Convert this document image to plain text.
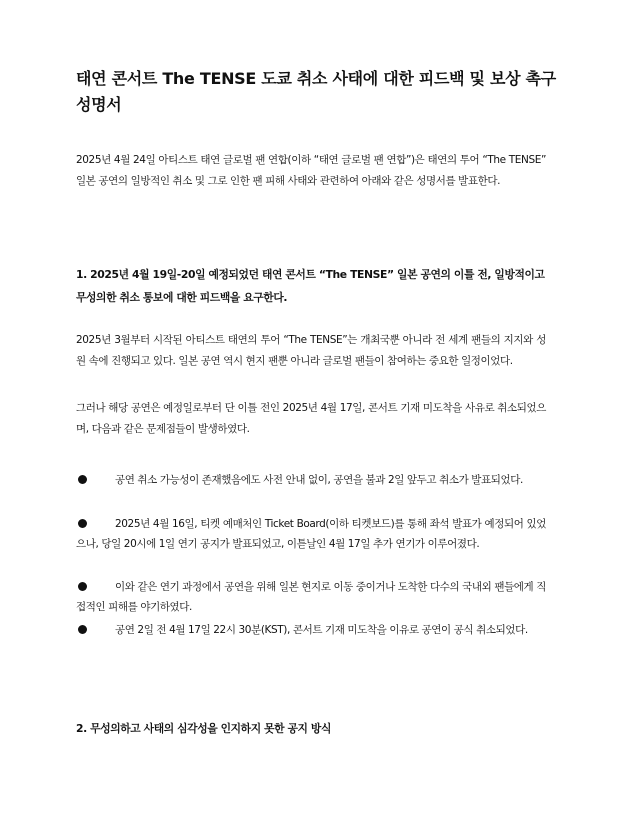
태연 콘서트 The TENSE 도쿄 취소 사태에 대한 피드백 및 보상 촉구 성명서

2025년 4월 24일 아티스트 태연 글로벌 팬 연합(이하 “태연 글로벌 팬 연합”)은 태연의 투어 “The TENSE” 일본 공연의 일방적인 취소 및 그로 인한 팬 피해 사태와 관련하여 아래와 같은 성명서를 발표한다.

1. 2025년 4월 19일-20일 예정되었던 태연 콘서트 “The TENSE” 일본 공연의 이틀 전, 일방적이고 무성의한 취소 통보에 대한 피드백을 요구한다.

2025년 3월부터 시작된 아티스트 태연의 투어 “The TENSE”는 개최국뿐 아니라 전 세계 팬들의 지지와 성원 속에 진행되고 있다. 일본 공연 역시 현지 팬뿐 아니라 글로벌 팬들이 참여하는 중요한 일정이었다.

그러나 해당 공연은 예정일로부터 단 이틀 전인 2025년 4월 17일, 콘서트 기재 미도착을 사유로 취소되었으며, 다음과 같은 문제점들이 발생하였다.

공연 취소 가능성이 존재했음에도 사전 안내 없이, 공연을 불과 2일 앞두고 취소가 발표되었다.

2025년 4월 16일, 티켓 예매처인 Ticket Board(이하 티켓보드)를 통해 좌석 발표가 예정되어 있었으나, 당일 20시에 1일 연기 공지가 발표되었고, 이튿날인 4월 17일 추가 연기가 이루어졌다.

이와 같은 연기 과정에서 공연을 위해 일본 현지로 이동 중이거나 도착한 다수의 국내외 팬들에게 직접적인 피해를 야기하였다.

공연 2일 전 4월 17일 22시 30분(KST), 콘서트 기재 미도착을 이유로 공연이 공식 취소되었다.

2. 무성의하고 사태의 심각성을 인지하지 못한 공지 방식
